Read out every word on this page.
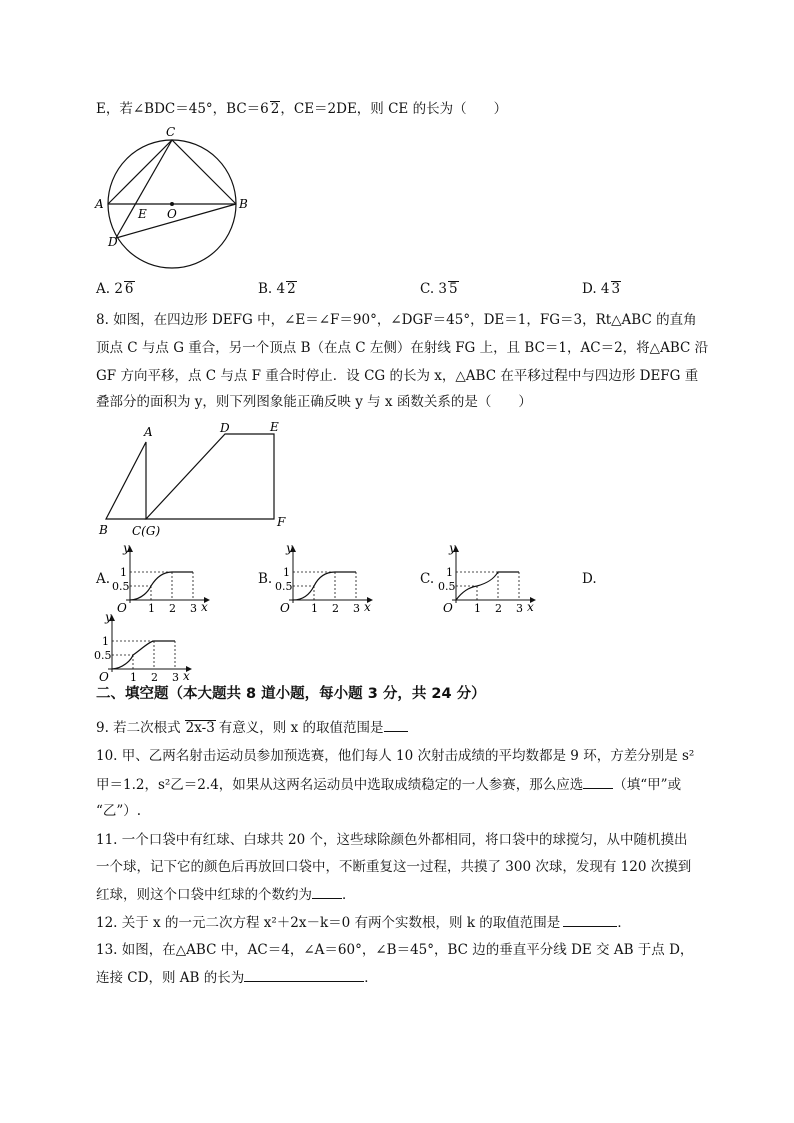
E，若∠BDC＝45°，BC＝6 2，CE＝2DE，则 CE 的长为（　　）
C
A	B
E O
D
A. 2 6	B. 4 2	C. 3 5	D. 4 3
8. 如图，在四边形 DEFG 中，∠E＝∠F＝90°，∠DGF＝45°，DE＝1，FG＝3，Rt△ABC 的直角
顶点 C 与点 G 重合，另一个顶点 B（在点 C 左侧）在射线 FG 上，且 BC＝1，AC＝2，将△ABC 沿
GF 方向平移，点 C 与点 F 重合时停止．设 CG 的长为 x，△ABC 在平移过程中与四边形 DEFG 重
叠部分的面积为 y，则下列图象能正确反映 y 与 x 函数关系的是（　　）
A	D	E
B C(G)
F
A.	B.	C.	D.
y
x
O
1
0.5
1 2 3
y
x
O
1
0.5
1 2 3
y
x
O
1
0.5
1 2 3
y
x
O
1
0.5
1 2 3
二、填空题（本大题共 8 道小题，每小题 3 分，共 24 分）
9. 若二次根式 2x-3 有意义，则 x 的取值范围是
10. 甲、乙两名射击运动员参加预选赛，他们每人 10 次射击成绩的平均数都是 9 环，方差分别是 s²
甲＝1.2，s²乙＝2.4，如果从这两名运动员中选取成绩稳定的一人参赛，那么应选 （填“甲”或
“乙”）.
11. 一个口袋中有红球、白球共 20 个，这些球除颜色外都相同，将口袋中的球搅匀，从中随机摸出
一个球，记下它的颜色后再放回口袋中，不断重复这一过程，共摸了 300 次球，发现有 120 次摸到
红球，则这个口袋中红球的个数约为 ．
12. 关于 x 的一元二次方程 x²＋2x－k＝0 有两个实数根，则 k 的取值范围是	．
13. 如图，在△ABC 中，AC＝4，∠A＝60°，∠B＝45°，BC 边的垂直平分线 DE 交 AB 于点 D，
连接 CD，则 AB 的长为	．
